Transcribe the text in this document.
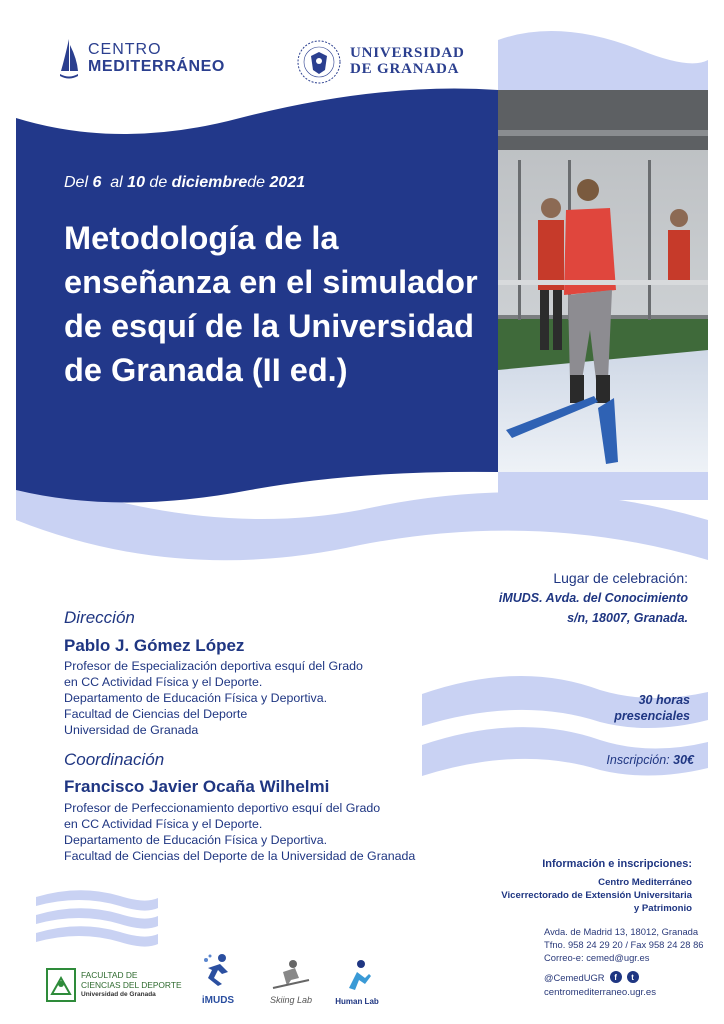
CENTRO
MEDITERRÁNEO
UNIVERSIDAD
DE GRANADA
Del 6 al 10 de diciembrede 2021
Metodología de la enseñanza en el simulador de esquí de la Universidad de Granada (II ed.)
Lugar de celebración:
iMUDS. Avda. del Conocimiento
s/n, 18007, Granada.
Dirección
Pablo J. Gómez López
Profesor de Especialización deportiva esquí del Grado
en CC Actividad Física y el Deporte.
Departamento de Educación Física y Deportiva.
Facultad de Ciencias del Deporte
Universidad de Granada
Coordinación
Francisco Javier Ocaña Wilhelmi
Profesor de Perfeccionamiento deportivo esquí del Grado
en CC Actividad Física y el Deporte.
Departamento de Educación Física y Deportiva.
Facultad de Ciencias del Deporte de la Universidad de Granada
30 horas
presenciales
Inscripción: 30€
Información e inscripciones:
Centro Mediterráneo
Vicerrectorado de Extensión Universitaria
y Patrimonio
Avda. de Madrid 13, 18012, Granada
Tfno. 958 24 29 20 / Fax 958 24 28 86
Correo-e: cemed@ugr.es
@CemedUGR	f	t
centromediterraneo.ugr.es
FACULTAD DE
CIENCIAS DEL DEPORTE
Universidad de Granada
iMUDS	Skiing Lab	Human Lab
